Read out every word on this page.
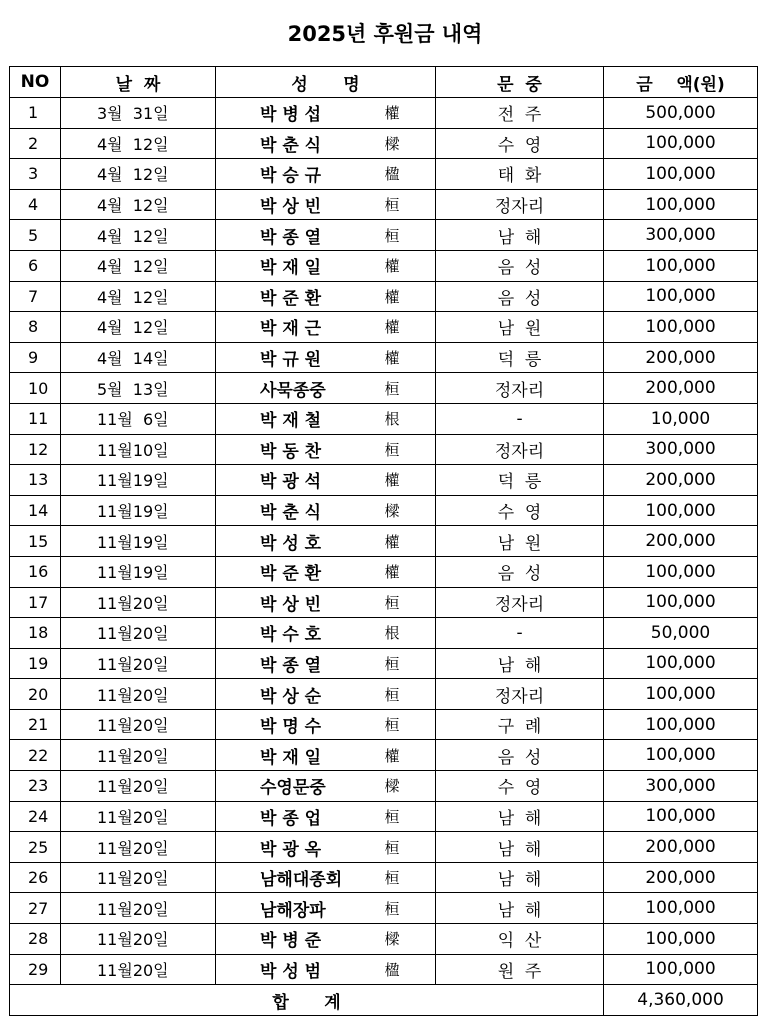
2025년 후원금 내역
NO	날  짜	성      명		문  중	금    액(원)
1	3월  31일	박 병 섭	權	전  주	500,000
2	4월  12일	박 춘 식	樑	수  영	100,000
3	4월  12일	박 승 규	楹	태  화	100,000
4	4월  12일	박 상 빈	桓	정자리	100,000
5	4월  12일	박 종 열	桓	남  해	300,000
6	4월  12일	박 재 일	權	음  성	100,000
7	4월  12일	박 준 환	權	음  성	100,000
8	4월  12일	박 재 근	權	남  원	100,000
9	4월  14일	박 규 원	權	덕  릉	200,000
10	5월  13일	사묵종중	桓	정자리	200,000
11	11월  6일	박 재 철	根	-	10,000
12	11월10일	박 동 찬	桓	정자리	300,000
13	11월19일	박 광 석	權	덕  릉	200,000
14	11월19일	박 춘 식	樑	수  영	100,000
15	11월19일	박 성 호	權	남  원	200,000
16	11월19일	박 준 환	權	음  성	100,000
17	11월20일	박 상 빈	桓	정자리	100,000
18	11월20일	박 수 호	根	-	50,000
19	11월20일	박 종 열	桓	남  해	100,000
20	11월20일	박 상 순	桓	정자리	100,000
21	11월20일	박 명 수	桓	구  례	100,000
22	11월20일	박 재 일	權	음  성	100,000
23	11월20일	수영문중	樑	수  영	300,000
24	11월20일	박 종 업	桓	남  해	100,000
25	11월20일	박 광 옥	桓	남  해	200,000
26	11월20일	남해대종회	桓	남  해	200,000
27	11월20일	남해장파	桓	남  해	100,000
28	11월20일	박 병 준	樑	익  산	100,000
29	11월20일	박 성 범	楹	원  주	100,000
합      계					4,360,000
